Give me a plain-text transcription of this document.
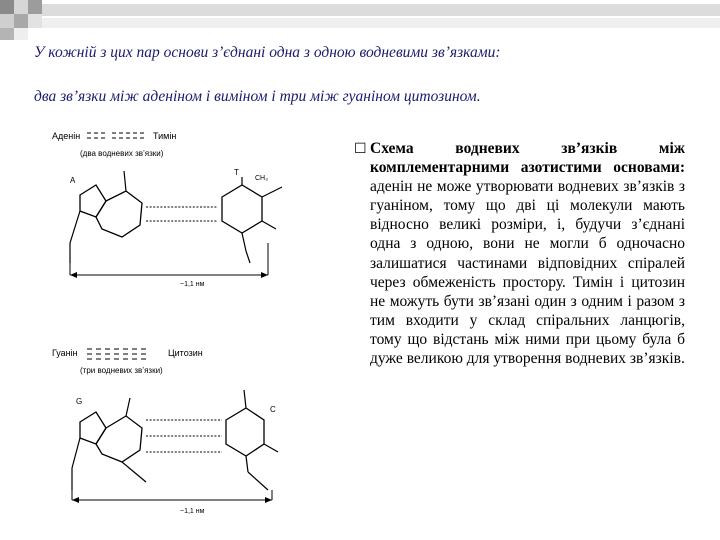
У кожній з цих пар основи з’єднані одна з одною водневими зв’язками:
два зв’язки між аденіном і виміном і три між гуаніном цитозином.
Аденін	Тимін
(два водневих зв’язки)
A
T
CH₃
~1,1 нм
Гуанін	Цитозин
(три водневих зв’язки)
G
C
~1,1 нм
☐ Схема водневих зв’язків між комплементарними азотистими основами: аденін не може утворювати водневих зв’язків з гуаніном, тому що дві ці молекули мають відносно великі розміри, і, будучи з’єднані одна з одною, вони не могли б одночасно залишатися частинами відповідних спіралей через обмеженість простору. Тимін і цитозин не можуть бути зв’язані один з одним і разом з тим входити у склад спіральних ланцюгів, тому що відстань між ними при цьому була б дуже великою для утворення водневих зв’язків.
